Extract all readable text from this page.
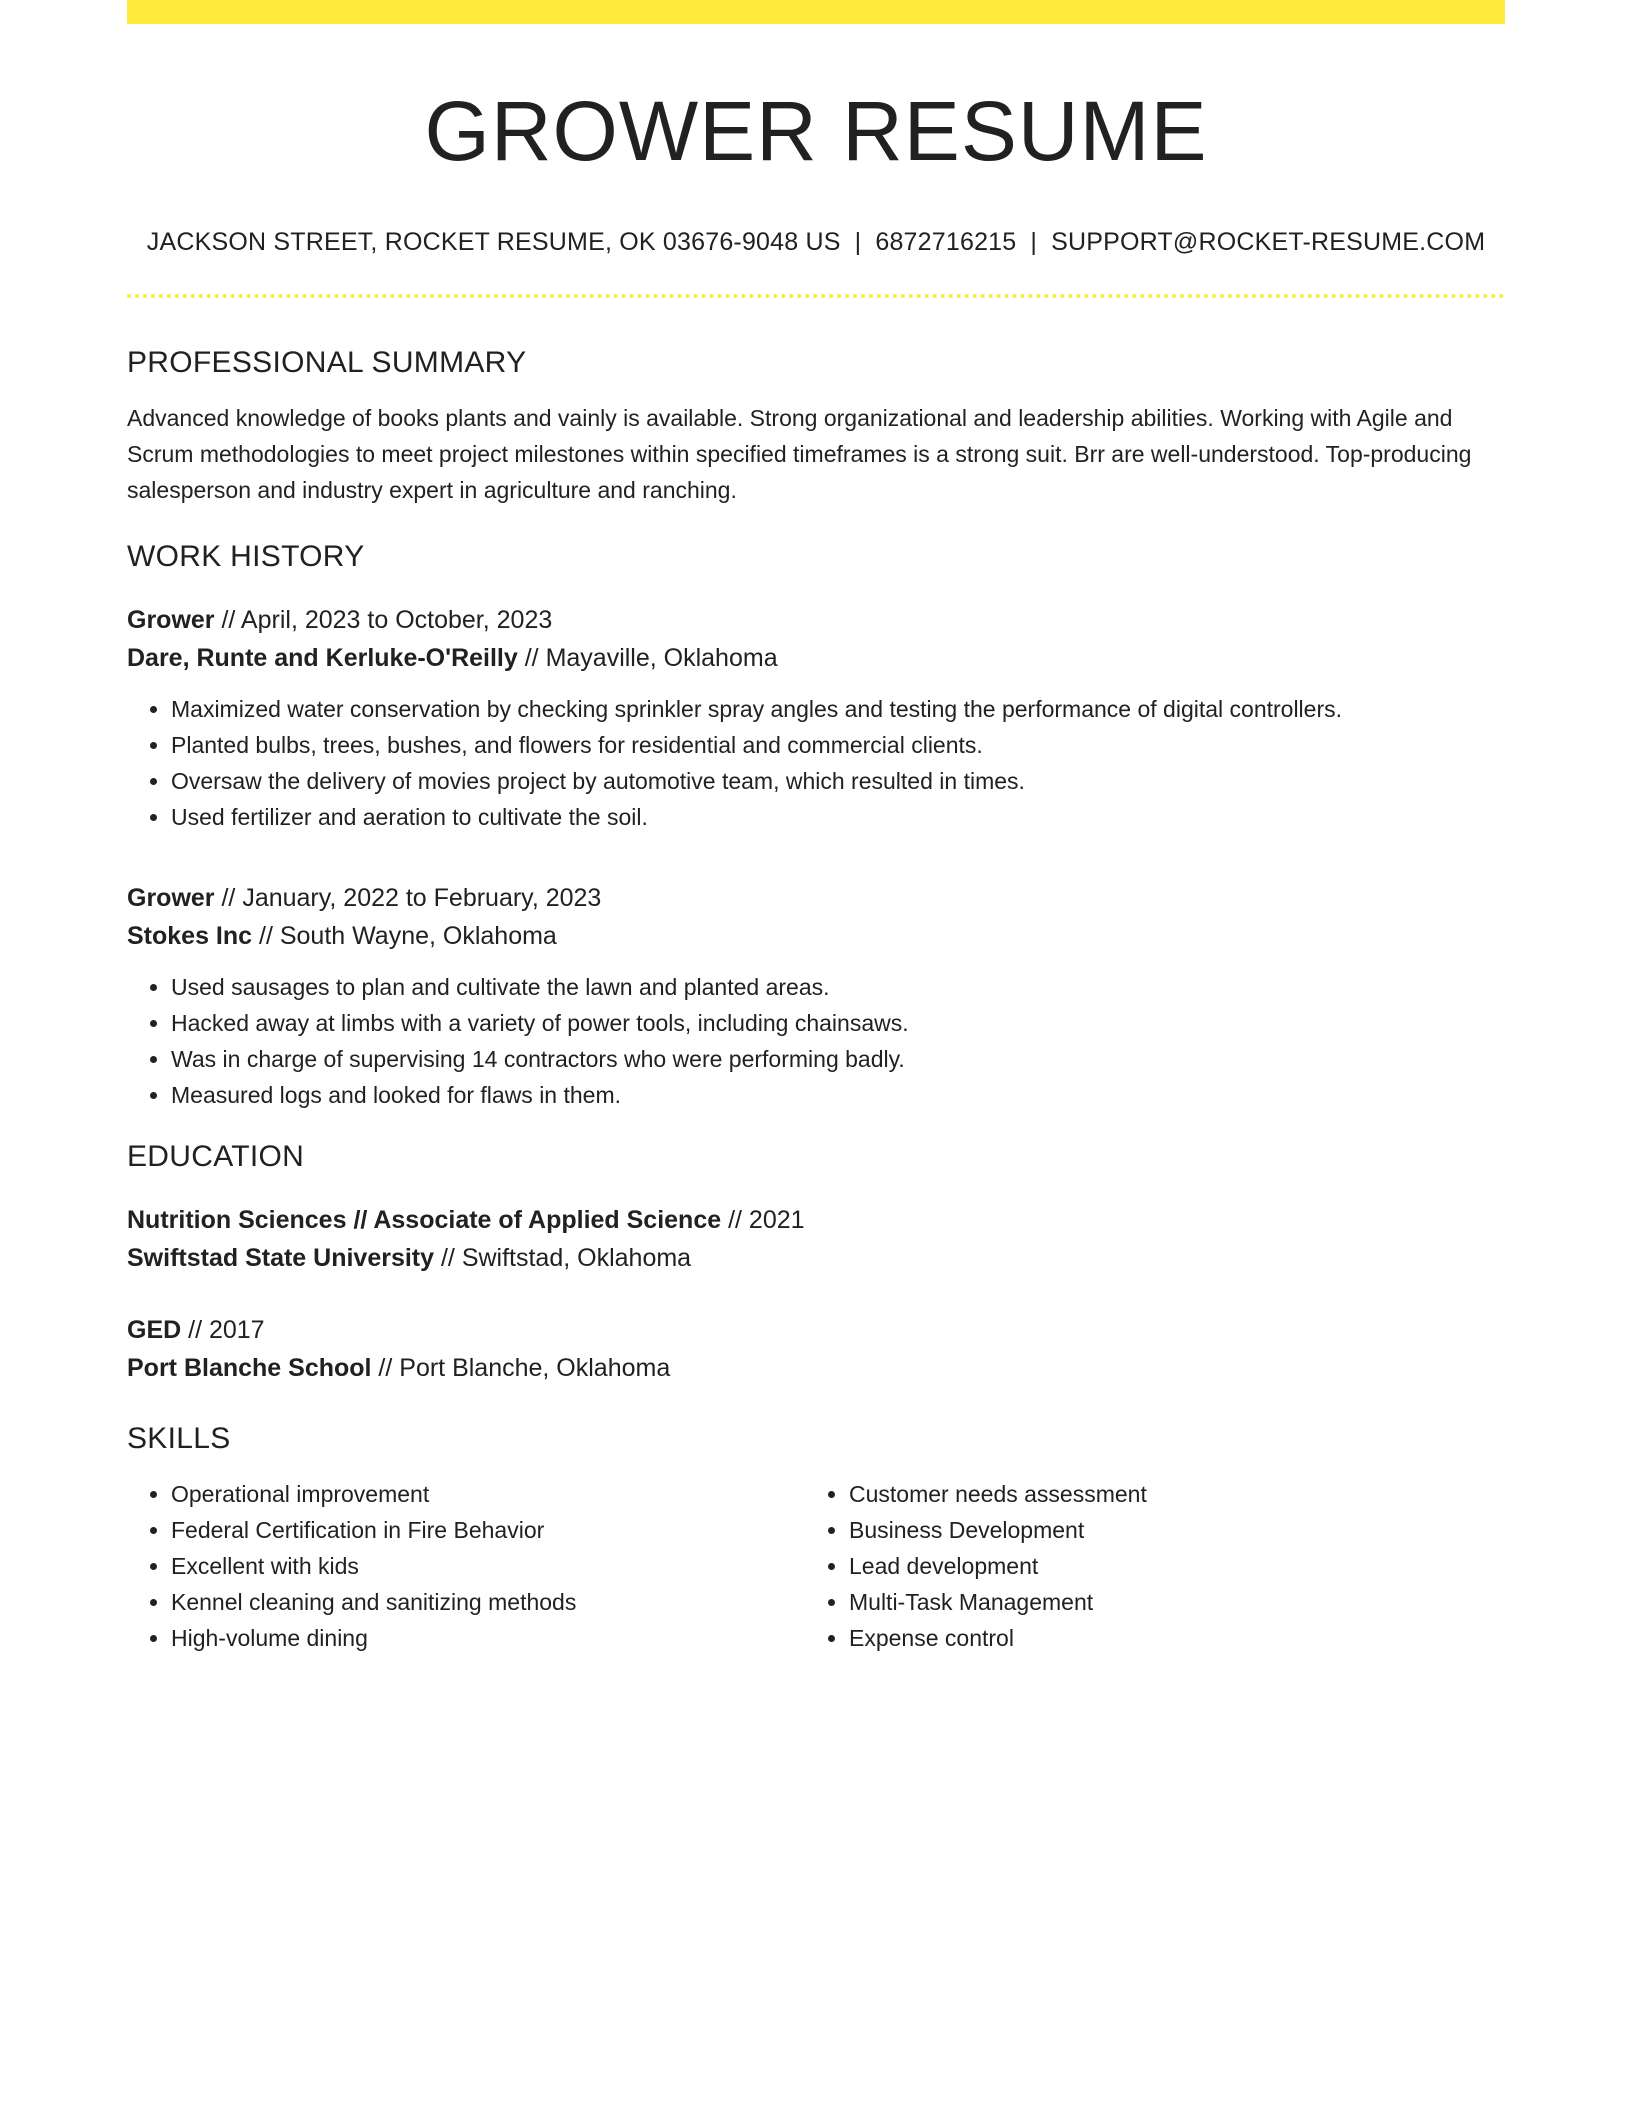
GROWER RESUME
JACKSON STREET, ROCKET RESUME, OK 03676-9048 US | 6872716215 | SUPPORT@ROCKET-RESUME.COM
PROFESSIONAL SUMMARY
Advanced knowledge of books plants and vainly is available. Strong organizational and leadership abilities. Working with Agile and Scrum methodologies to meet project milestones within specified timeframes is a strong suit. Brr are well-understood. Top-producing salesperson and industry expert in agriculture and ranching.
WORK HISTORY
Grower // April, 2023 to October, 2023
Dare, Runte and Kerluke-O'Reilly // Mayaville, Oklahoma
• Maximized water conservation by checking sprinkler spray angles and testing the performance of digital controllers.
• Planted bulbs, trees, bushes, and flowers for residential and commercial clients.
• Oversaw the delivery of movies project by automotive team, which resulted in times.
• Used fertilizer and aeration to cultivate the soil.
Grower // January, 2022 to February, 2023
Stokes Inc // South Wayne, Oklahoma
• Used sausages to plan and cultivate the lawn and planted areas.
• Hacked away at limbs with a variety of power tools, including chainsaws.
• Was in charge of supervising 14 contractors who were performing badly.
• Measured logs and looked for flaws in them.
EDUCATION
Nutrition Sciences // Associate of Applied Science // 2021
Swiftstad State University // Swiftstad, Oklahoma
GED // 2017
Port Blanche School // Port Blanche, Oklahoma
SKILLS
• Operational improvement
• Federal Certification in Fire Behavior
• Excellent with kids
• Kennel cleaning and sanitizing methods
• High-volume dining
• Customer needs assessment
• Business Development
• Lead development
• Multi-Task Management
• Expense control
